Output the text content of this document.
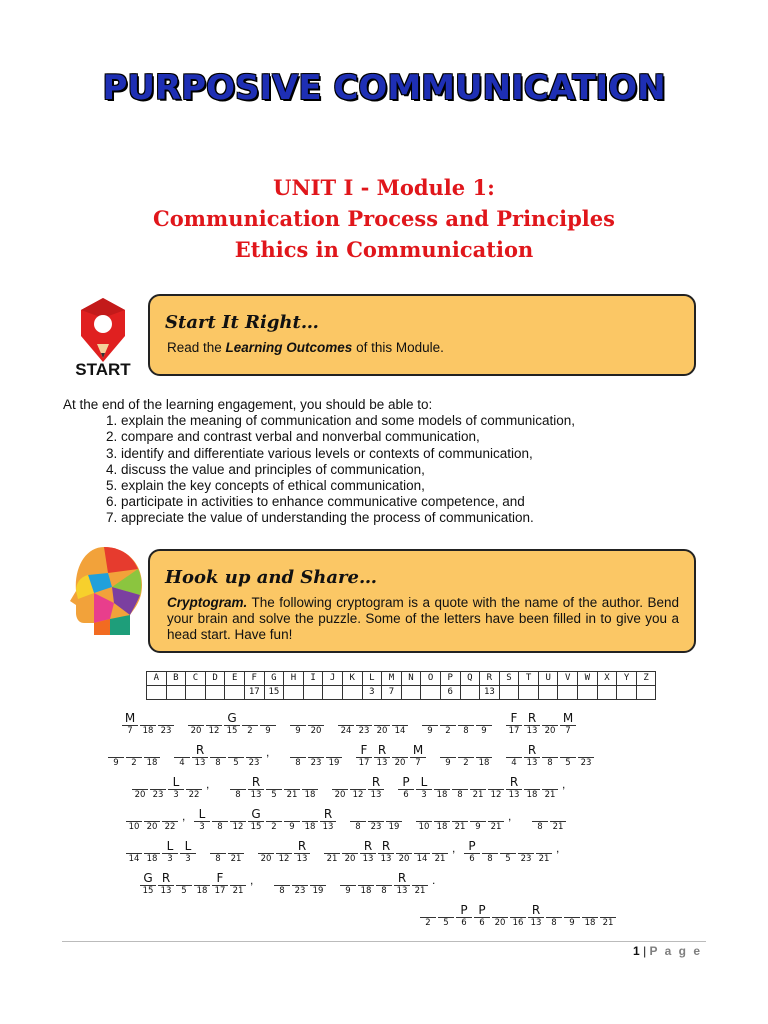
PURPOSIVE COMMUNICATION
UNIT I - Module 1:
Communication Process and Principles
Ethics in Communication
START
Start It Right…

Read the Learning Outcomes of this Module.

At the end of the learning engagement, you should be able to:
1. explain the meaning of communication and some models of communication,
2. compare and contrast verbal and nonverbal communication,
3. identify and differentiate various levels or contexts of communication,
4. discuss the value and principles of communication,
5. explain the key concepts of ethical communication,
6. participate in activities to enhance communicative competence, and
7. appreciate the value of understanding the process of communication.
Hook up and Share…

Cryptogram. The following cryptogram is a quote with the name of the author. Bend your brain and solve the puzzle. Some of the letters have been filled in to give you a head start. Have fun!

A	B	C	D	E	F	G	H	I	J	K	L	M	N	O	P	Q	R	S	T	U	V	W	X	Y	Z
					17	15					3	7			6		13								
M
7	18 23	20 12
G
15	2	9	9	20	24 23 20 14	9	2	8	9
F
17
R
13 20
M
7
9	2	18	4
R
13	8	5	23
,
8	23 19
F
17
R
13 20
M
7	9	2	18	4
R
13	8	5	23
20 23
L
3	22
,
8
R
13	5	21 18	20 12
R
13
P
6
L
3	18	8	21 12
R
13 18 21
,
10 20 22
,	L
3	8	12
G
15	2	9	18
R
13	8	23 19	10 18 21	9	21
,
8	21
14 18
L
3
L
3	8	21	20 12
R
13	21 20
R
13
R
13 20 14 21
,	P
6	8	5	23 21
,
G
15
R
13	5	18
F
17 21
,
8	23 19	9	18	8
R
13 21
.
2	5
P
6
P
6	20 16
R
13	8	9	18 21
1 | P a g e
